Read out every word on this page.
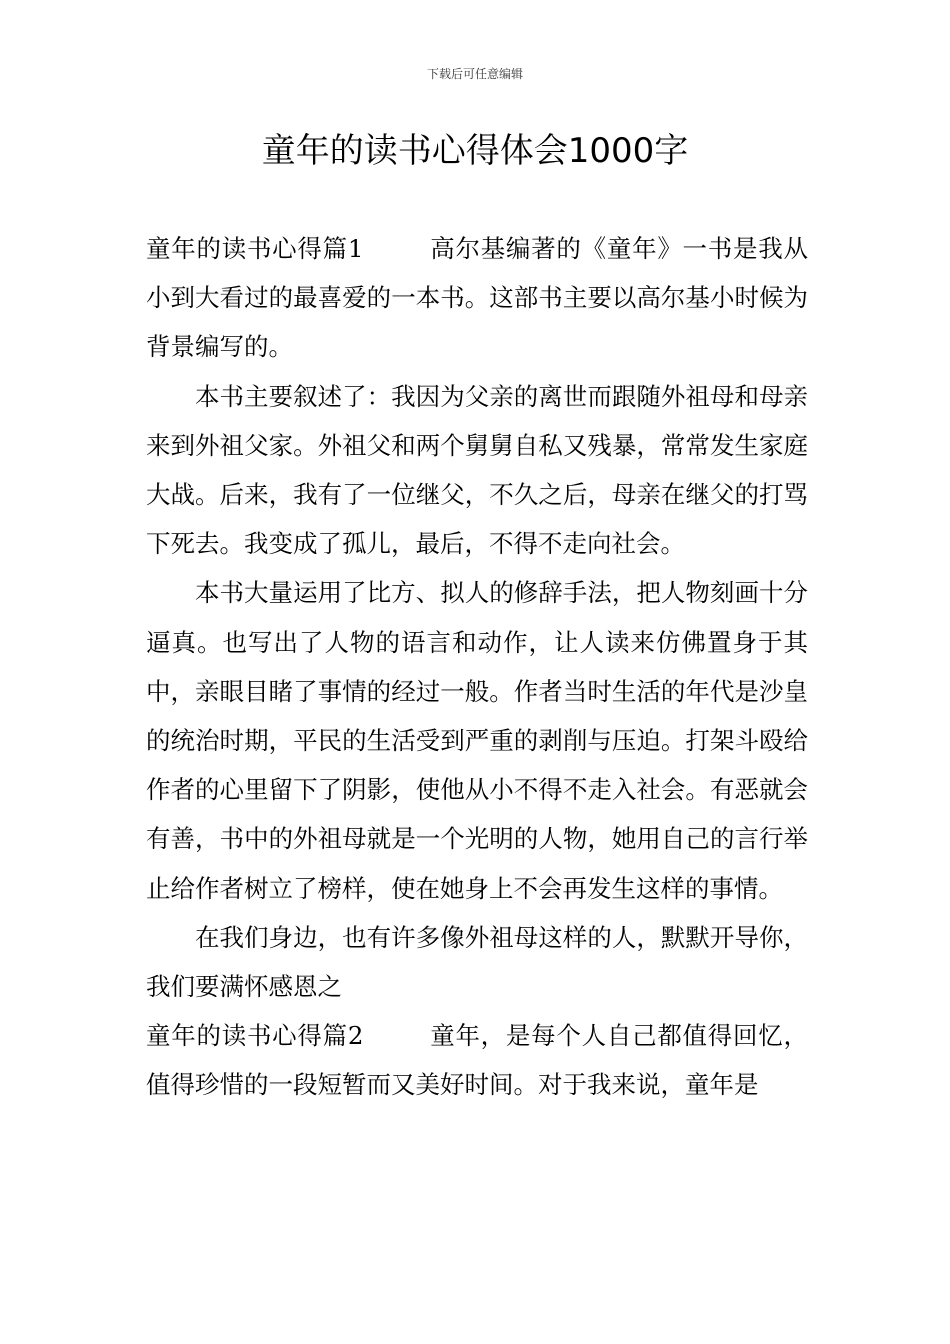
下载后可任意编辑
童年的读书心得体会1000字

童年的读书心得篇1	高尔基编著的《童年》一书是我从小到大看过的最喜爱的一本书。这部书主要以高尔基小时候为背景编写的。

本书主要叙述了：我因为父亲的离世而跟随外祖母和母亲来到外祖父家。外祖父和两个舅舅自私又残暴，常常发生家庭大战。后来，我有了一位继父，不久之后，母亲在继父的打骂下死去。我变成了孤儿，最后，不得不走向社会。

本书大量运用了比方、拟人的修辞手法，把人物刻画十分逼真。也写出了人物的语言和动作，让人读来仿佛置身于其中，亲眼目睹了事情的经过一般。作者当时生活的年代是沙皇的统治时期，平民的生活受到严重的剥削与压迫。打架斗殴给作者的心里留下了阴影，使他从小不得不走入社会。有恶就会有善，书中的外祖母就是一个光明的人物，她用自己的言行举止给作者树立了榜样，使在她身上不会再发生这样的事情。

在我们身边，也有许多像外祖母这样的人，默默开导你，我们要满怀感恩之

童年的读书心得篇2	童年，是每个人自己都值得回忆，值得珍惜的一段短暂而又美好时间。对于我来说，童年是
